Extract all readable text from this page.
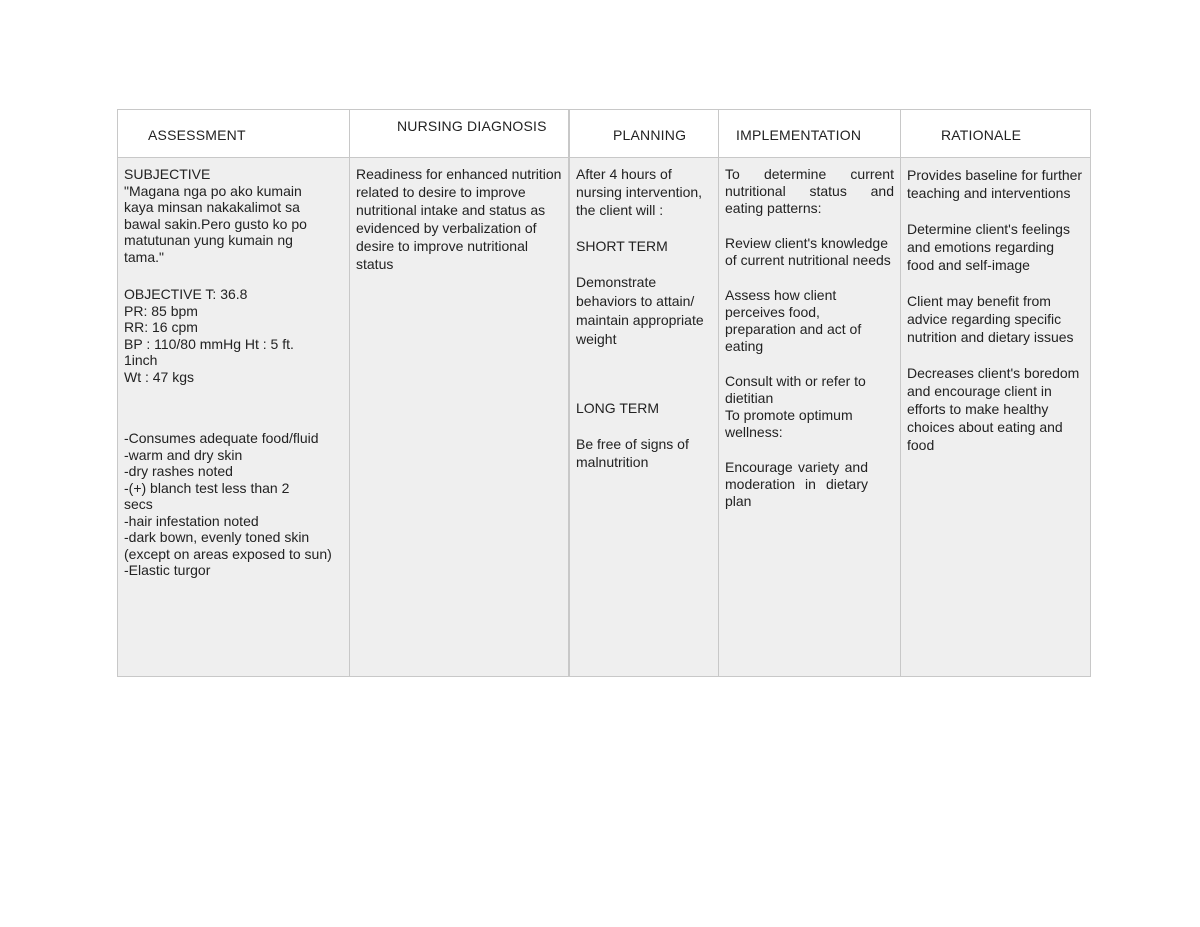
ASSESSMENT
NURSING DIAGNOSIS
PLANNING	IMPLEMENTATION	RATIONALE
SUBJECTIVE
"Magana nga po ako kumain
kaya minsan nakakalimot sa
bawal sakin.Pero gusto ko po
matutunan yung kumain ng
tama."
OBJECTIVE T: 36.8
PR: 85 bpm
RR: 16 cpm
BP : 110/80 mmHg Ht : 5 ft.
1inch
Wt : 47 kgs
-Consumes adequate food/fluid
-warm and dry skin
-dry rashes noted
-(+) blanch test less than 2
secs
-hair infestation noted
-dark bown, evenly toned skin
(except on areas exposed to sun)
-Elastic turgor
Readiness for enhanced nutrition related to desire to improve nutritional intake and status as evidenced by verbalization of desire to improve nutritional status
After 4 hours of nursing intervention, the client will :
SHORT TERM
Demonstrate behaviors to attain/ maintain appropriate weight
LONG TERM
Be free of signs of malnutrition
To determine current nutritional status and eating patterns:
Review client's knowledge of current nutritional needs
Assess how client perceives food, preparation and act of eating
Consult with or refer to dietitian
To promote optimum wellness:
Encourage variety and moderation in dietary plan
Provides baseline for further teaching and interventions
Determine client's feelings and emotions regarding food and self-image
Client may benefit from advice regarding specific nutrition and dietary issues
Decreases client's boredom and encourage client in efforts to make healthy choices about eating and food
